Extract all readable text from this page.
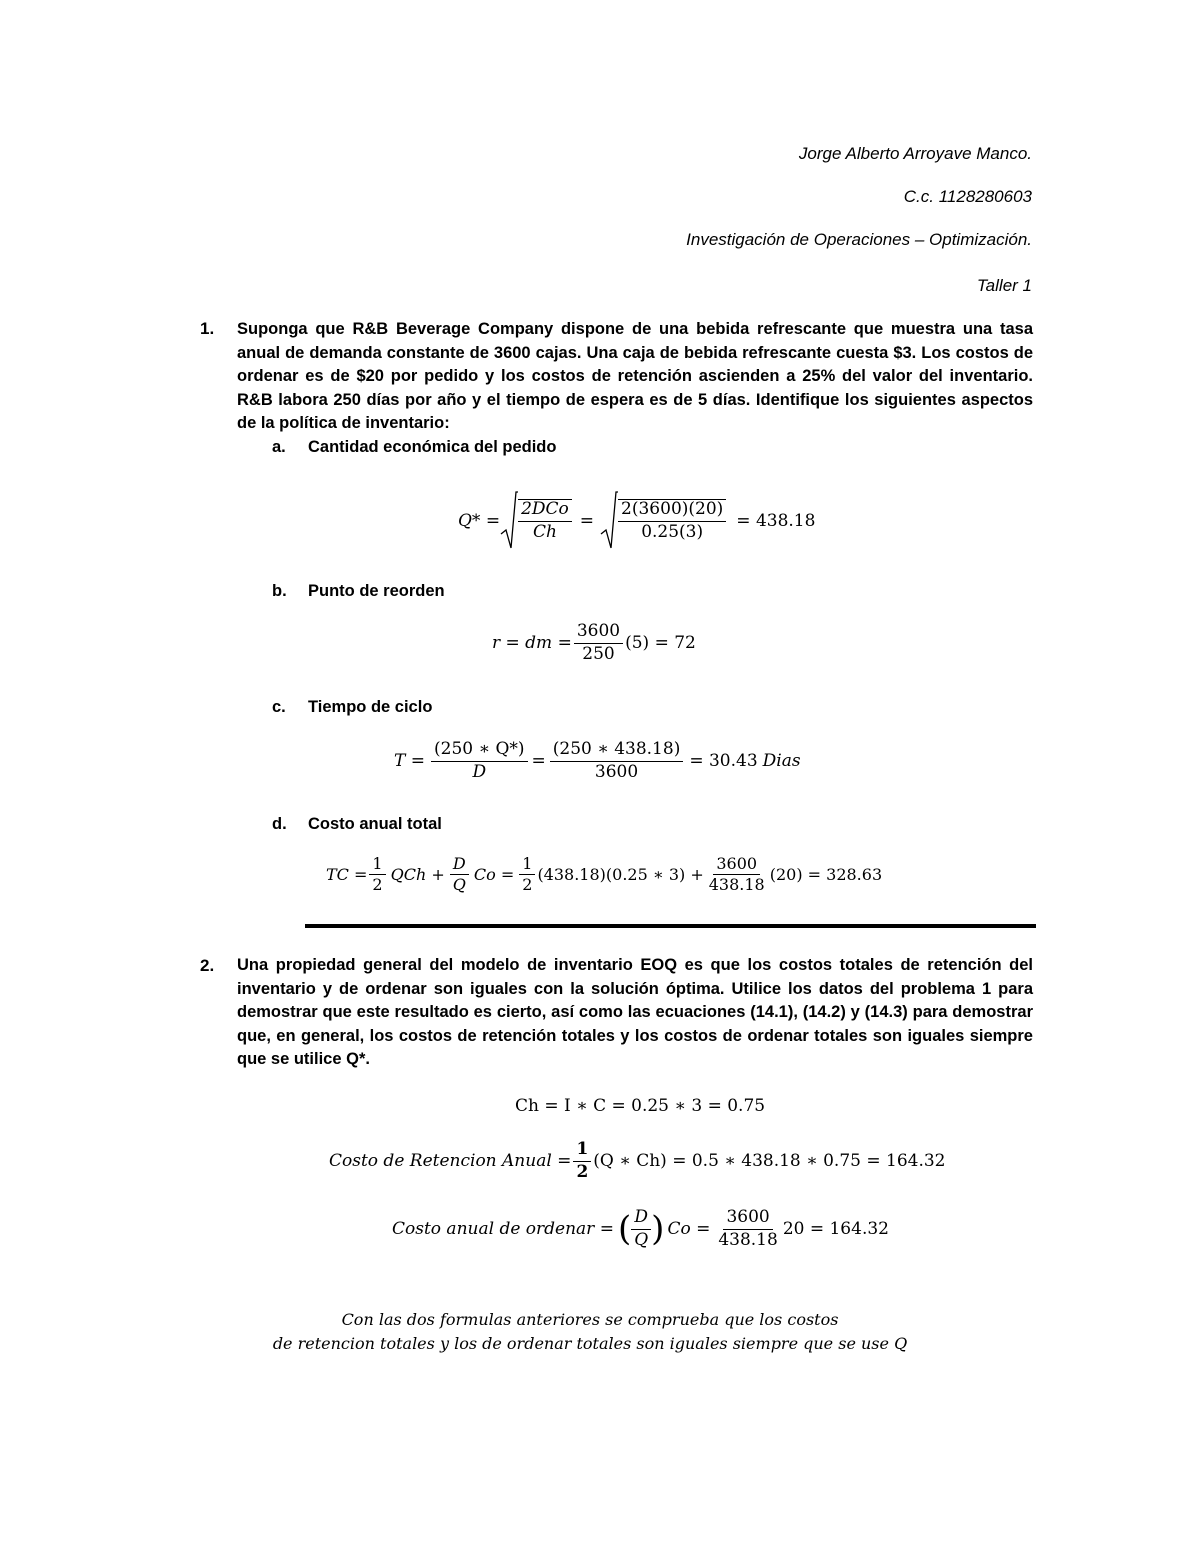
Jorge Alberto Arroyave Manco.
C.c. 1128280603
Investigación de Operaciones – Optimización.
Taller 1
1. Suponga que R&B Beverage Company dispone de una bebida refrescante que muestra una tasa anual de demanda constante de 3600 cajas. Una caja de bebida refrescante cuesta $3. Los costos de ordenar es de $20 por pedido y los costos de retención ascienden a 25% del valor del inventario. R&B labora 250 días por año y el tiempo de espera es de 5 días. Identifique los siguientes aspectos de la política de inventario:
a. Cantidad económica del pedido
$Q* = \frac{\text{2DCo}}{Ch} = \frac{2(3600)(20)}{0.25(3)} = 438.18$
b. Punto de reorden
r = dm = $\frac{3600}{250} (5) = 72$
c. Tiempo de ciclo
$T = \frac{(250 ∗ Q*)}{D} = \frac{(250 ∗ 438.18)}{3600} = 30.43$ Dias
d. Costo anual total
TC = $\frac{1}{2}$ QCh + $\frac{D}{Q}$ $Co = \frac{1}{2} (438.18)(0.25$ ∗ $3) + \frac{3600}{438.18} (20) = 328.63$
2. Una propiedad general del modelo de inventario EOQ es que los costos totales de retención del inventario y de ordenar son iguales con la solución óptima. Utilice los datos del problema 1 para demostrar que este resultado es cierto, así como las ecuaciones (14.1), (14.2) y (14.3) para demostrar que, en general, los costos de retención totales y los costos de ordenar totales son iguales siempre que se utilice Q*.
Ch = I ∗ C = 0.25 ∗ 3 = 0.75
Costo de Retencion Anual = $\frac{1}{2} (Q$ ∗ Ch) = 0.5 ∗ 438.18 ∗ 0.75 = 164.32
Costo anual de ordenar = ( $\frac{D}{Q}$ ) $Co = \frac{3600}{438.18} 20 = 164.32$
Con las dos formulas anteriores se comprueba que los costos
de retencion totales y los de ordenar totales son iguales siempre que se use Q
